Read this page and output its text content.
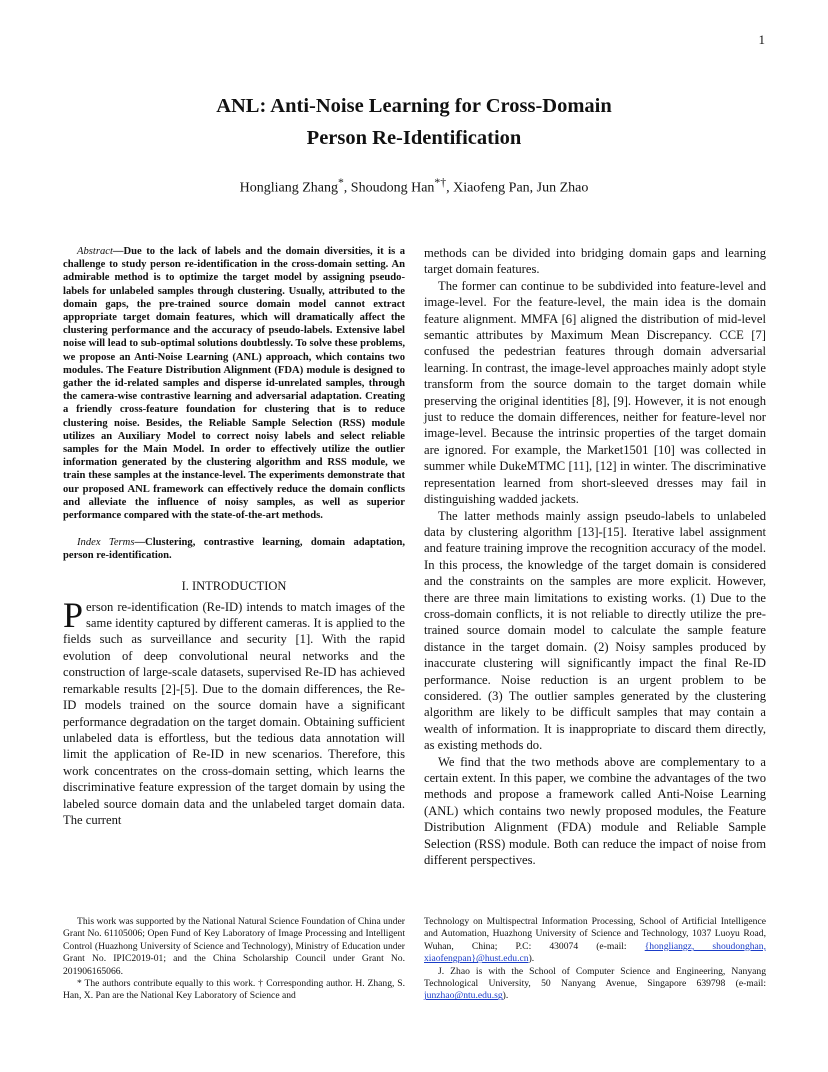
1
ANL: Anti-Noise Learning for Cross-Domain
Person Re-Identification
Hongliang Zhang*, Shoudong Han*†, Xiaofeng Pan, Jun Zhao

Abstract—Due to the lack of labels and the domain diversities, it is a challenge to study person re-identification in the cross-domain setting. An admirable method is to optimize the target model by assigning pseudo-labels for unlabeled samples through clustering. Usually, attributed to the domain gaps, the pre-trained source domain model cannot extract appropriate target domain features, which will dramatically affect the clustering performance and the accuracy of pseudo-labels. Extensive label noise will lead to sub-optimal solutions doubtlessly. To solve these problems, we propose an Anti-Noise Learning (ANL) approach, which contains two modules. The Feature Distribution Alignment (FDA) module is designed to gather the id-related samples and disperse id-unrelated samples, through the camera-wise contrastive learning and adversarial adaptation. Creating a friendly cross-feature foundation for clustering that is to reduce clustering noise. Besides, the Reliable Sample Selection (RSS) module utilizes an Auxiliary Model to correct noisy labels and select reliable samples for the Main Model. In order to effectively utilize the outlier information generated by the clustering algorithm and RSS module, we train these samples at the instance-level. The experiments demonstrate that our proposed ANL framework can effectively reduce the domain conflicts and alleviate the influence of noisy samples, as well as superior performance compared with the state-of-the-art methods.

Index Terms—Clustering, contrastive learning, domain adaptation, person re-identification.

I. INTRODUCTION

Person re-identification (Re-ID) intends to match images of the same identity captured by different cameras. It is applied to the fields such as surveillance and security [1]. With the rapid evolution of deep convolutional neural networks and the construction of large-scale datasets, supervised Re-ID has achieved remarkable results [2]-[5]. Due to the domain differences, the Re-ID models trained on the source domain have a significant performance degradation on the target domain. Obtaining sufficient unlabeled data is effortless, but the tedious data annotation will limit the application of Re-ID in new scenarios. Therefore, this work concentrates on the cross-domain setting, which learns the discriminative feature expression of the target domain by using the labeled source domain data and the unlabeled target domain data. The current

methods can be divided into bridging domain gaps and learning target domain features.

The former can continue to be subdivided into feature-level and image-level. For the feature-level, the main idea is the domain feature alignment. MMFA [6] aligned the distribution of mid-level semantic attributes by Maximum Mean Discrepancy. CCE [7] confused the pedestrian features through domain adversarial learning. In contrast, the image-level approaches mainly adopt style transform from the source domain to the target domain while preserving the original identities [8], [9]. However, it is not enough just to reduce the domain differences, neither for feature-level nor image-level. Because the intrinsic properties of the target domain are ignored. For example, the Market1501 [10] was collected in summer while DukeMTMC [11], [12] in winter. The discriminative representation learned from short-sleeved dresses may fail in distinguishing wadded jackets.

The latter methods mainly assign pseudo-labels to unlabeled data by clustering algorithm [13]-[15]. Iterative label assignment and feature training improve the recognition accuracy of the model. In this process, the knowledge of the target domain is considered and the constraints on the samples are more explicit. However, there are three main limitations to existing works. (1) Due to the cross-domain conflicts, it is not reliable to directly utilize the pre-trained source domain model to calculate the sample feature distance in the target domain. (2) Noisy samples produced by inaccurate clustering will significantly impact the final Re-ID performance. Noise reduction is an urgent problem to be considered. (3) The outlier samples generated by the clustering algorithm are likely to be difficult samples that may contain a wealth of information. It is inappropriate to discard them directly, as existing methods do.

We find that the two methods above are complementary to a certain extent. In this paper, we combine the advantages of the two methods and propose a framework called Anti-Noise Learning (ANL) which contains two newly proposed modules, the Feature Distribution Alignment (FDA) module and Reliable Sample Selection (RSS) module. Both can reduce the impact of noise from different perspectives.

This work was supported by the National Natural Science Foundation of China under Grant No. 61105006; Open Fund of Key Laboratory of Image Processing and Intelligent Control (Huazhong University of Science and Technology), Ministry of Education under Grant No. IPIC2019-01; and the China Scholarship Council under Grant No. 201906165066.

* The authors contribute equally to this work. † Corresponding author. H. Zhang, S. Han, X. Pan are the National Key Laboratory of Science and

Technology on Multispectral Information Processing, School of Artificial Intelligence and Automation, Huazhong University of Science and Technology, 1037 Luoyu Road, Wuhan, China; P.C: 430074 (e-mail: {hongliangz, shoudonghan, xiaofengpan}@hust.edu.cn).

J. Zhao is with the School of Computer Science and Engineering, Nanyang Technological University, 50 Nanyang Avenue, Singapore 639798 (e-mail: junzhao@ntu.edu.sg).
